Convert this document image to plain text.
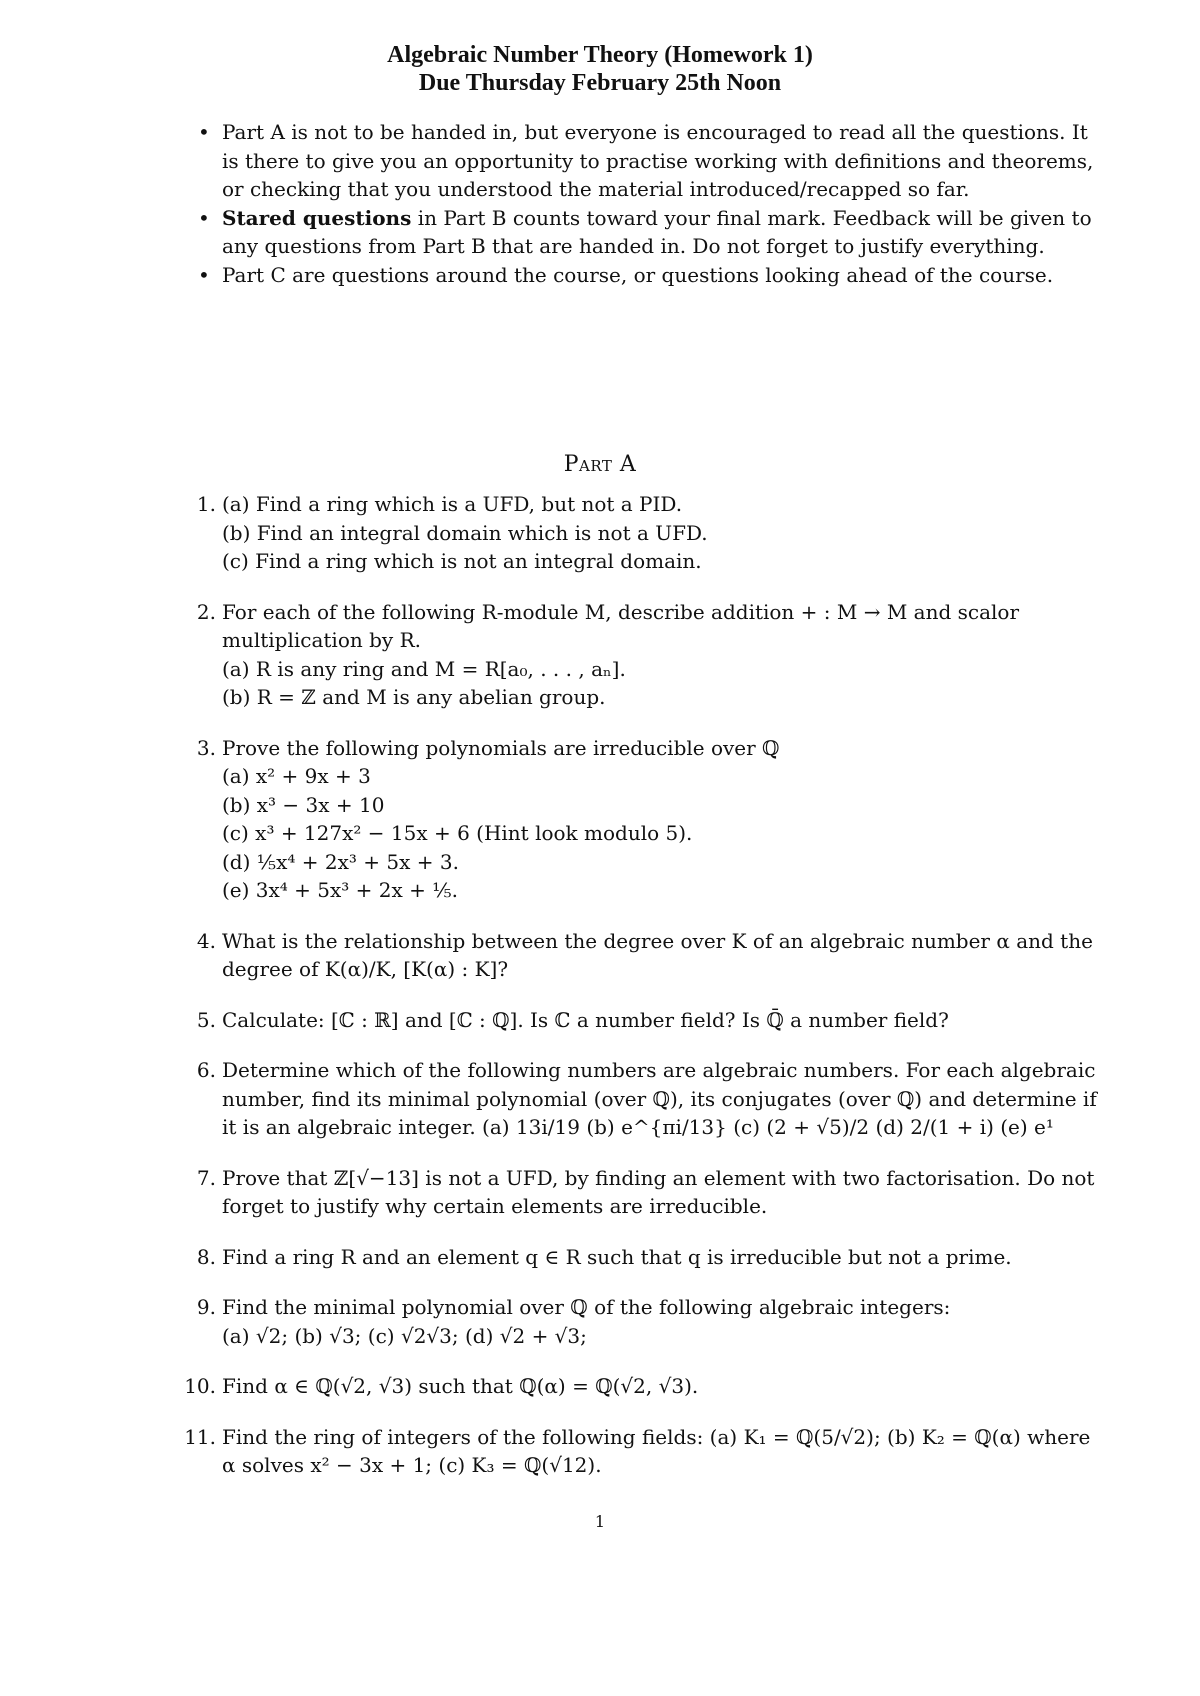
Algebraic Number Theory (Homework 1)
Due Thursday February 25th Noon
• Part A is not to be handed in, but everyone is encouraged to read all the questions. It is there to give you an opportunity to practise working with definitions and theorems, or checking that you understood the material introduced/recapped so far.
• Stared questions in Part B counts toward your final mark. Feedback will be given to any questions from Part B that are handed in. Do not forget to justify everything.
• Part C are questions around the course, or questions looking ahead of the course.
Part A
1. (a) Find a ring which is a UFD, but not a PID.
(b) Find an integral domain which is not a UFD.
(c) Find a ring which is not an integral domain.
2. For each of the following R-module M, describe addition + : M → M and scalor multiplication by R.
(a) R is any ring and M = R[a₀, . . . , aₙ].
(b) R = ℤ and M is any abelian group.
3. Prove the following polynomials are irreducible over ℚ
(a) x² + 9x + 3
(b) x³ − 3x + 10
(c) x³ + 127x² − 15x + 6 (Hint look modulo 5).
(d) ⅕x⁴ + 2x³ + 5x + 3.
(e) 3x⁴ + 5x³ + 2x + ⅕.
4. What is the relationship between the degree over K of an algebraic number α and the degree of K(α)/K, [K(α) : K]?
5. Calculate: [ℂ : ℝ] and [ℂ : ℚ]. Is ℂ a number field? Is ℚ̄ a number field?
6. Determine which of the following numbers are algebraic numbers. For each algebraic number, find its minimal polynomial (over ℚ), its conjugates (over ℚ) and determine if it is an algebraic integer. (a) 13i/19 (b) e^{πi/13} (c) (2 + √5)/2 (d) 2/(1 + i) (e) e¹
7. Prove that ℤ[√−13] is not a UFD, by finding an element with two factorisation. Do not forget to justify why certain elements are irreducible.
8. Find a ring R and an element q ∈ R such that q is irreducible but not a prime.
9. Find the minimal polynomial over ℚ of the following algebraic integers:
(a) √2; (b) √3; (c) √2√3; (d) √2 + √3;
10. Find α ∈ ℚ(√2, √3) such that ℚ(α) = ℚ(√2, √3).
11. Find the ring of integers of the following fields: (a) K₁ = ℚ(5/√2); (b) K₂ = ℚ(α) where α solves x² − 3x + 1; (c) K₃ = ℚ(√12).
1
